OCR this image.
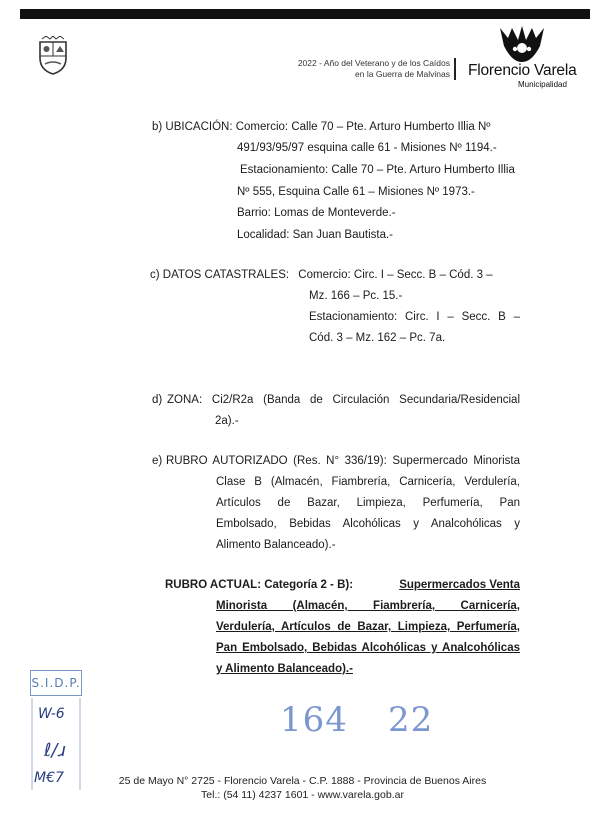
2022 - Año del Veterano y de los Caídos
en la Guerra de Malvinas Florencio Varela
Municipalidad
b) UBICACIÓN: Comercio: Calle 70 – Pte. Arturo Humberto Illia Nº
491/93/95/97 esquina calle 61 - Misiones Nº 1194.-
Estacionamiento: Calle 70 – Pte. Arturo Humberto Illia
Nº 555, Esquina Calle 61 – Misiones Nº 1973.-
Barrio: Lomas de Monteverde.-
Localidad: San Juan Bautista.-
c) DATOS CATASTRALES: Comercio: Circ. I – Secc. B – Cód. 3 –
Mz. 166 – Pc. 15.-
Estacionamiento: Circ. I – Secc. B –
Cód. 3 – Mz. 162 – Pc. 7a.
d) ZONA: Ci2/R2a (Banda de Circulación Secundaria/Residencial
2a).-
e) RUBRO AUTORIZADO (Res. N° 336/19): Supermercado Minorista
Clase B (Almacén, Fiambrería, Carnicería, Verdulería,
Artículos de Bazar, Limpieza, Perfumería, Pan
Embolsado, Bebidas Alcohólicas y Analcohólicas y
Alimento Balanceado).-
RUBRO ACTUAL: Categoría 2 - B):	Supermercados Venta
Minorista (Almacén, Fiambrería, Carnicería,
Verdulería, Artículos de Bazar, Limpieza, Perfumería,
Pan Embolsado, Bebidas Alcohólicas y Analcohólicas
y Alimento Balanceado).-
S.I.D.P.
W-6
ℓ/ɹ
M€7
164 22
25 de Mayo N° 2725 - Florencio Varela - C.P. 1888 - Provincia de Buenos Aires
Tel.: (54 11) 4237 1601 - www.varela.gob.ar
